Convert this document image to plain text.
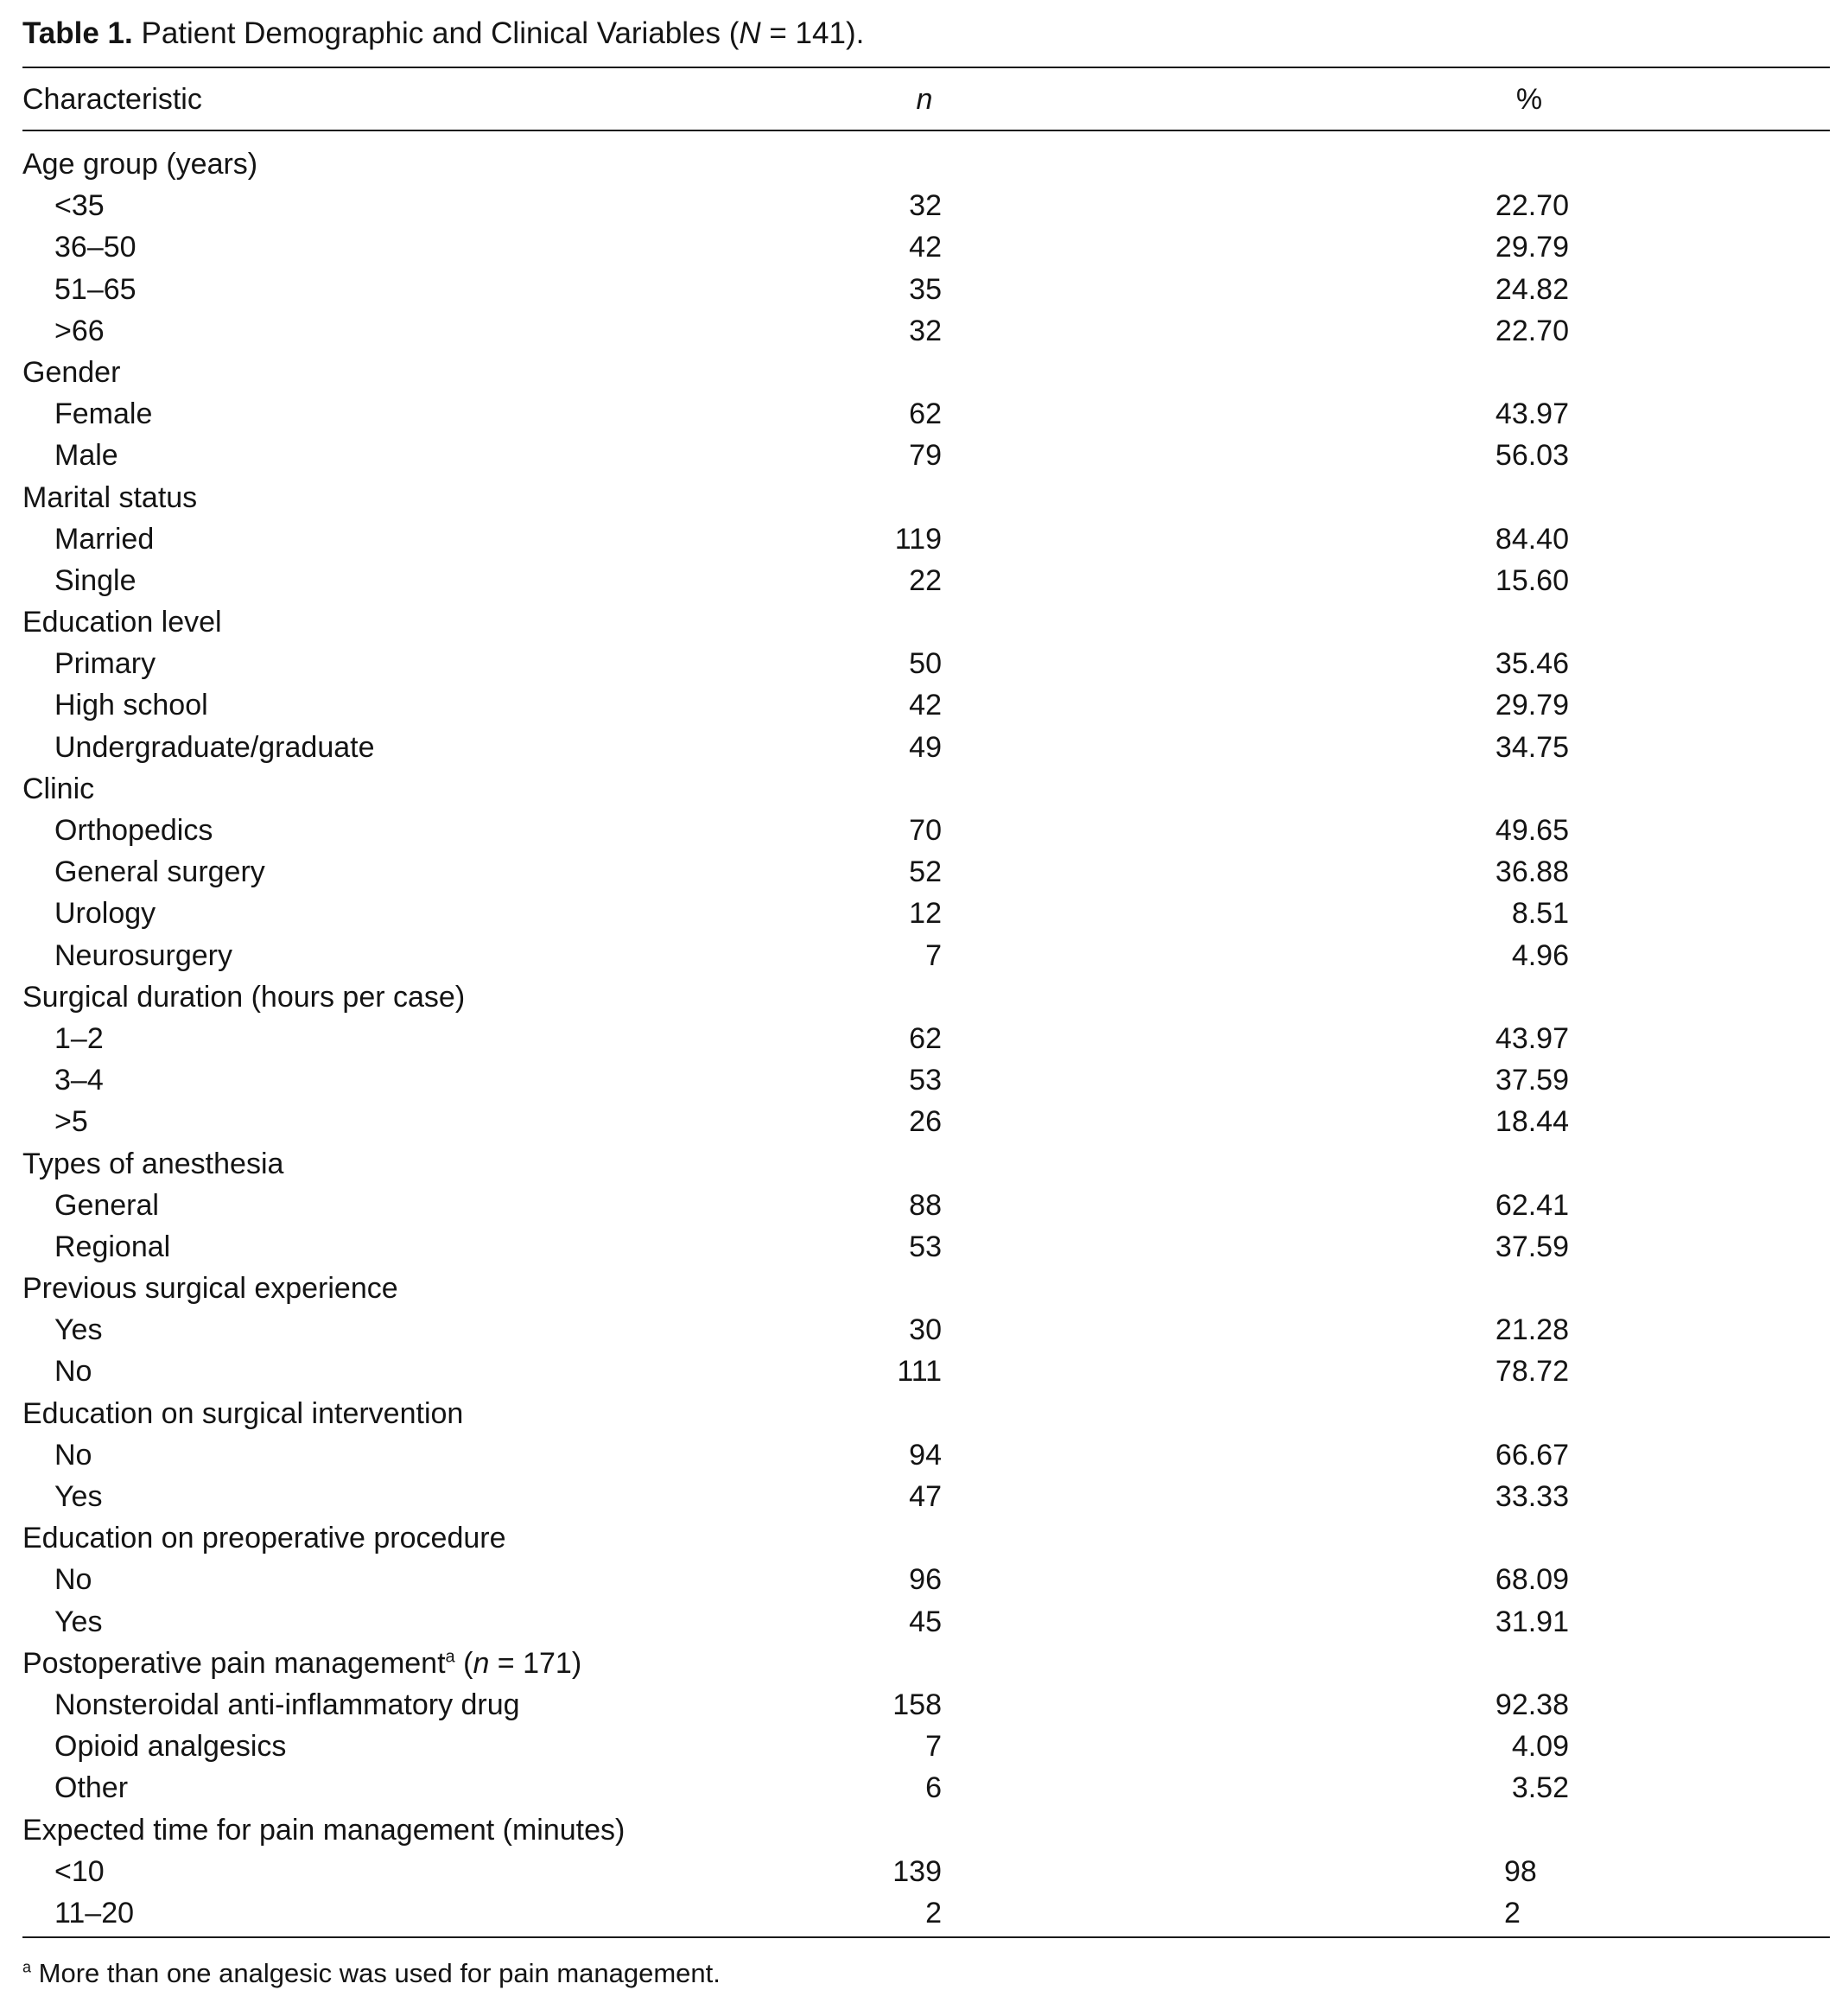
Table 1. Patient Demographic and Clinical Variables (N = 141).
Characteristic	n	%
Age group (years)
<35	32	22.70
36–50	42	29.79
51–65	35	24.82
>66	32	22.70
Gender
Female	62	43.97
Male	79	56.03
Marital status
Married	119	84.40
Single	22	15.60
Education level
Primary	50	35.46
High school	42	29.79
Undergraduate/graduate	49	34.75
Clinic
Orthopedics	70	49.65
General surgery	52	36.88
Urology	12	8.51
Neurosurgery	7	4.96
Surgical duration (hours per case)
1–2	62	43.97
3–4	53	37.59
>5	26	18.44
Types of anesthesia
General	88	62.41
Regional	53	37.59
Previous surgical experience
Yes	30	21.28
No	111	78.72
Education on surgical intervention
No	94	66.67
Yes	47	33.33
Education on preoperative procedure
No	96	68.09
Yes	45	31.91
Postoperative pain management$^a$ (n = 171)
Nonsteroidal anti-inflammatory drug	158	92.38
Opioid analgesics	7	4.09
Other	6	3.52
Expected time for pain management (minutes)
<10	139	98
11–20	2	2
$^a$ More than one analgesic was used for pain management.
